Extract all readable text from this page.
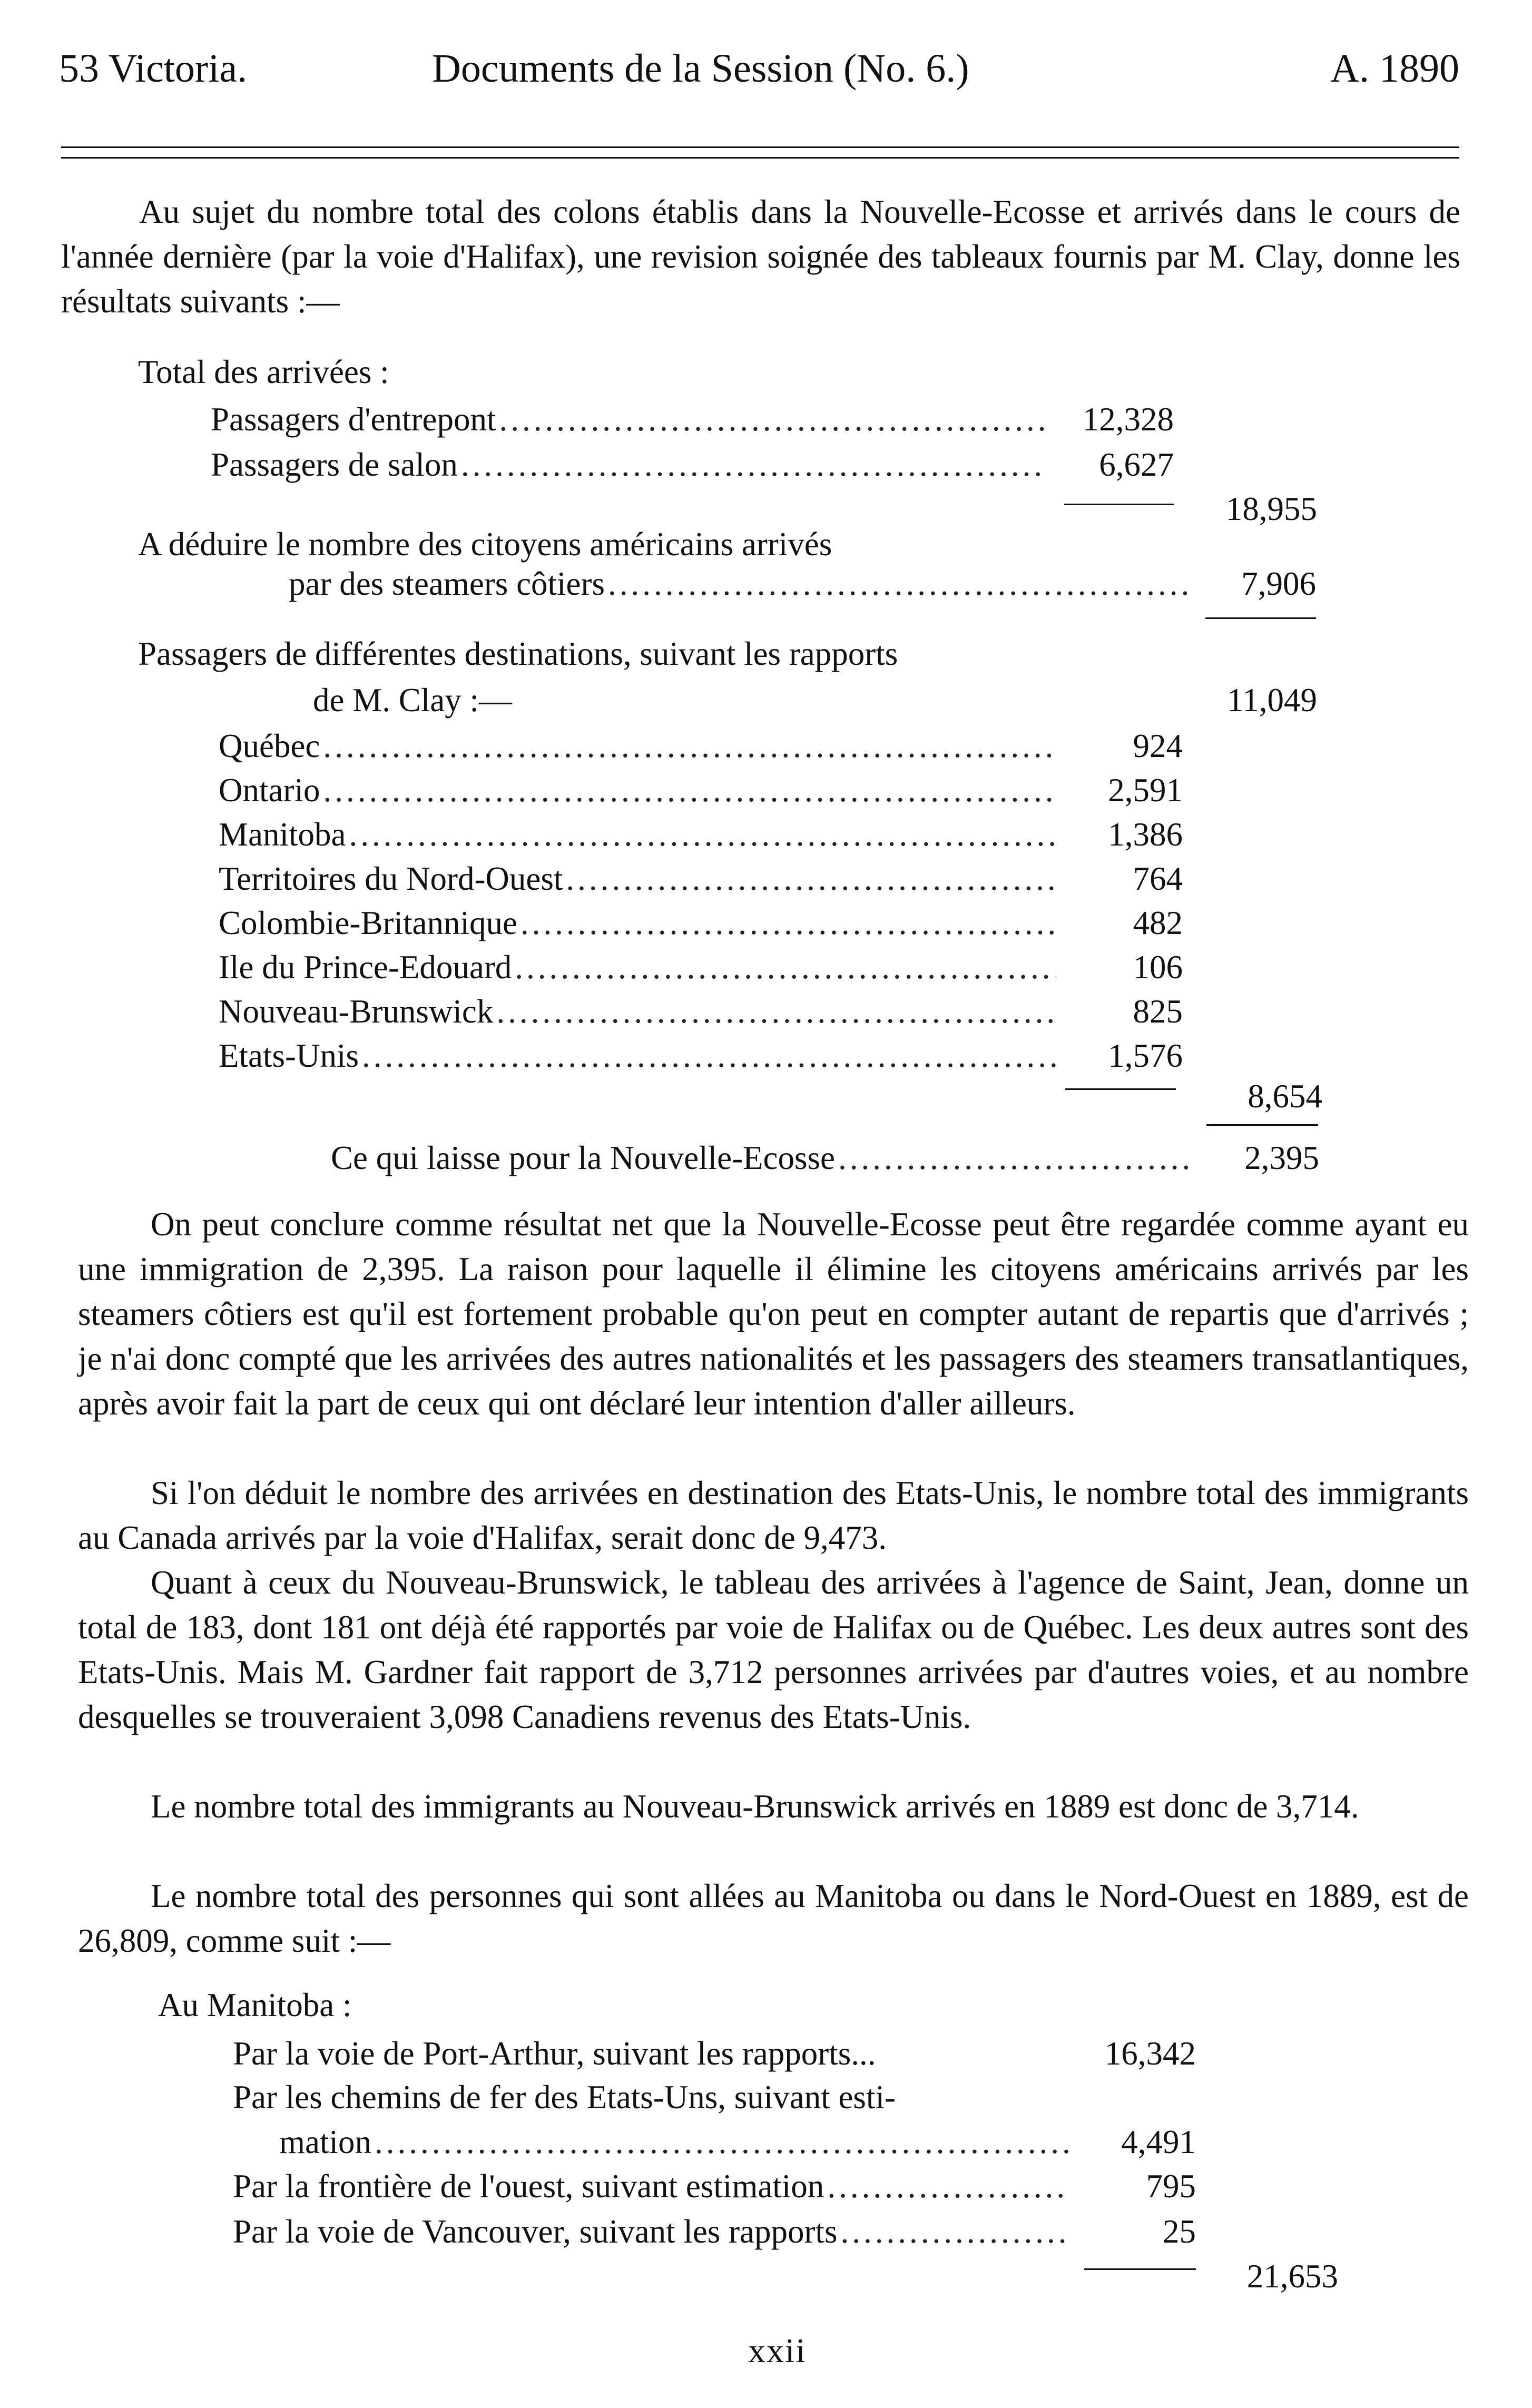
53 Victoria.	Documents de la Session (No. 6.)	A. 1890
Au sujet du nombre total des colons établis dans la Nouvelle-Ecosse et arrivés dans le cours de l'année dernière (par la voie d'Halifax), une revision soignée des tableaux fournis par M. Clay, donne les résultats suivants :—
Total des arrivées :
Passagers d'entrepont .....	12,328
Passagers de salon .....	6,627
18,955
A déduire le nombre des citoyens américains arrivés
par des steamers côtiers .....	7,906
Passagers de différentes destinations, suivant les rapports
de M. Clay :—	11,049
Québec .....	924
Ontario .....	2,591
Manitoba .....	1,386
Territoires du Nord-Ouest .....	764
Colombie-Britannique .....	482
Ile du Prince-Edouard .....	106
Nouveau-Brunswick .....	825
Etats-Unis .....	1,576
8,654
Ce qui laisse pour la Nouvelle-Ecosse .....	2,395
On peut conclure comme résultat net que la Nouvelle-Ecosse peut être regardée comme ayant eu une immigration de 2,395. La raison pour laquelle il élimine les citoyens américains arrivés par les steamers côtiers est qu'il est fortement probable qu'on peut en compter autant de repartis que d'arrivés ; je n'ai donc compté que les arrivées des autres nationalités et les passagers des steamers transatlantiques, après avoir fait la part de ceux qui ont déclaré leur intention d'aller ailleurs.
Si l'on déduit le nombre des arrivées en destination des Etats-Unis, le nombre total des immigrants au Canada arrivés par la voie d'Halifax, serait donc de 9,473.
Quant à ceux du Nouveau-Brunswick, le tableau des arrivées à l'agence de Saint, Jean, donne un total de 183, dont 181 ont déjà été rapportés par voie de Halifax ou de Québec. Les deux autres sont des Etats-Unis. Mais M. Gardner fait rapport de 3,712 personnes arrivées par d'autres voies, et au nombre desquelles se trouveraient 3,098 Canadiens revenus des Etats-Unis.
Le nombre total des immigrants au Nouveau-Brunswick arrivés en 1889 est donc de 3,714.
Le nombre total des personnes qui sont allées au Manitoba ou dans le Nord-Ouest en 1889, est de 26,809, comme suit :—
Au Manitoba :
Par la voie de Port-Arthur, suivant les rapports...	16,342
Par les chemins de fer des Etats-Uns, suivant esti-
mation .....	4,491
Par la frontière de l'ouest, suivant estimation .....	795
Par la voie de Vancouver, suivant les rapports .....	25
21,653
xxii
